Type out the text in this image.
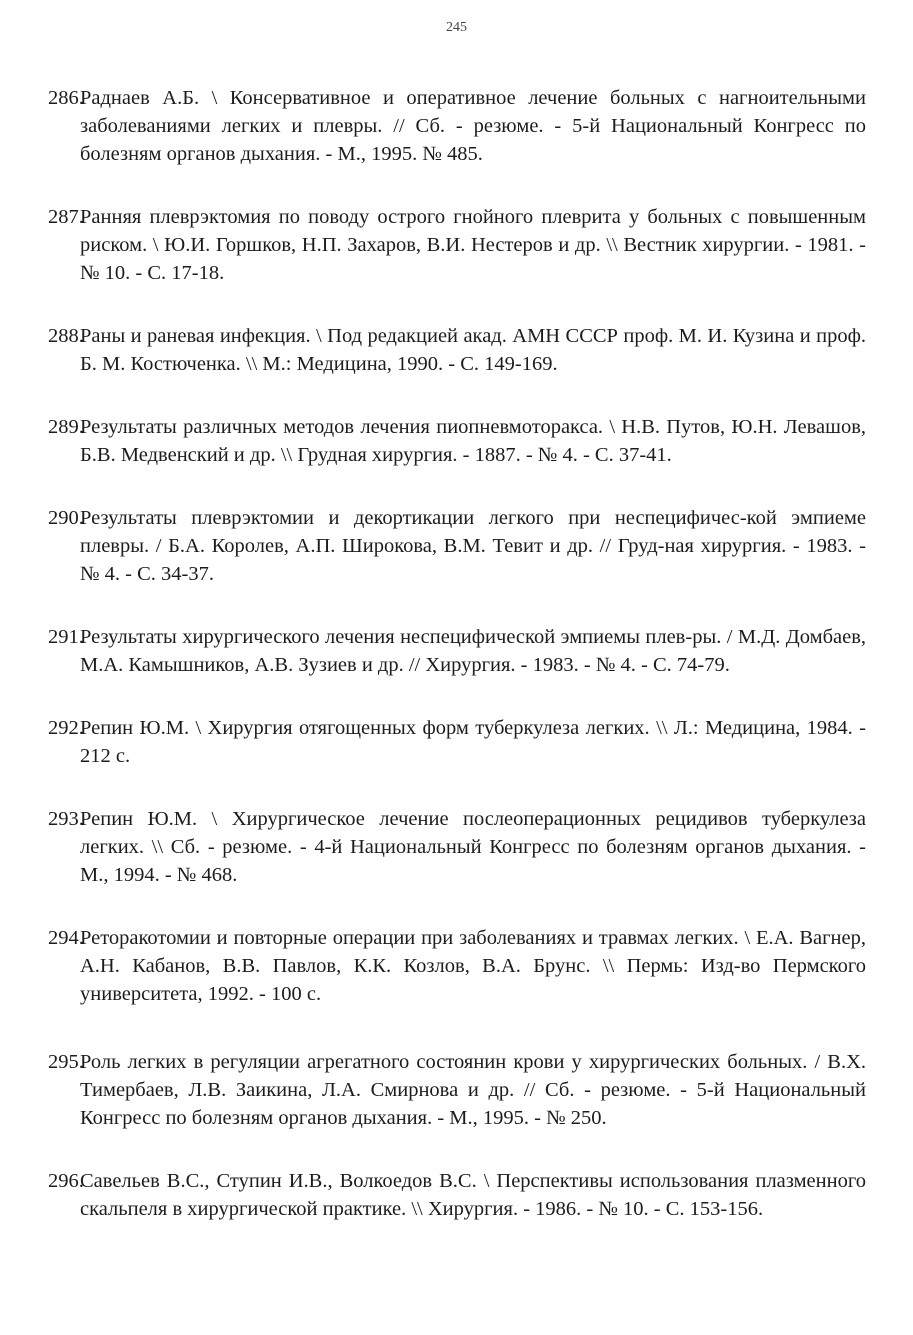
245
286.
Раднаев А.Б. \ Консервативное и оперативное лечение больных с нагноительными заболеваниями легких и плевры. // Сб. - резюме. - 5-й Национальный Конгресс по болезням органов дыхания. - М., 1995. № 485.
287.
Ранняя плеврэктомия по поводу острого гнойного плеврита у больных с повышенным риском. \ Ю.И. Горшков, Н.П. Захаров, В.И. Нестеров и др. \\ Вестник хирургии. - 1981. - № 10. - С. 17-18.
288.
Раны и раневая инфекция. \ Под редакцией акад. АМН СССР проф. М. И. Кузина и проф. Б. М. Костюченка. \\ М.: Медицина, 1990. - С. 149-169.
289.
Результаты различных методов лечения пиопневмоторакса. \ Н.В. Путов, Ю.Н. Левашов, Б.В. Медвенский и др. \\ Грудная хирургия. - 1887. - № 4. - С. 37-41.
290.
Результаты плеврэктомии и декортикации легкого при неспецифичес-кой эмпиеме плевры. / Б.А. Королев, А.П. Широкова, В.М. Тевит и др. // Груд-ная хирургия. - 1983. - № 4. - С. 34-37.
291.
Результаты хирургического лечения неспецифической эмпиемы плев-ры. / М.Д. Домбаев, М.А. Камышников, А.В. Зузиев и др. // Хирургия. - 1983. - № 4. - С. 74-79.
292.
Репин Ю.М. \ Хирургия отягощенных форм туберкулеза легких. \\ Л.: Медицина, 1984. - 212 с.
293.
Репин Ю.М. \ Хирургическое лечение послеоперационных рецидивов туберкулеза легких. \\ Сб. - резюме. - 4-й Национальный Конгресс по болезням органов дыхания. - М., 1994. - № 468.
294.
Реторакотомии и повторные операции при заболеваниях и травмах легких. \ Е.А. Вагнер, А.Н. Кабанов, В.В. Павлов, К.К. Козлов, В.А. Брунс. \\ Пермь: Изд-во Пермского университета, 1992. - 100 с.
295.
Роль легких в регуляции агрегатного состоянин крови у хирургических больных. / В.Х. Тимербаев, Л.В. Заикина, Л.А. Смирнова и др. // Сб. - резюме. - 5-й Национальный Конгресс по болезням органов дыхания. - М., 1995. - № 250.
296.
Савельев В.С., Ступин И.В., Волкоедов В.С. \ Перспективы использования плазменного скальпеля в хирургической практике. \\ Хирургия. - 1986. - № 10. - С. 153-156.
